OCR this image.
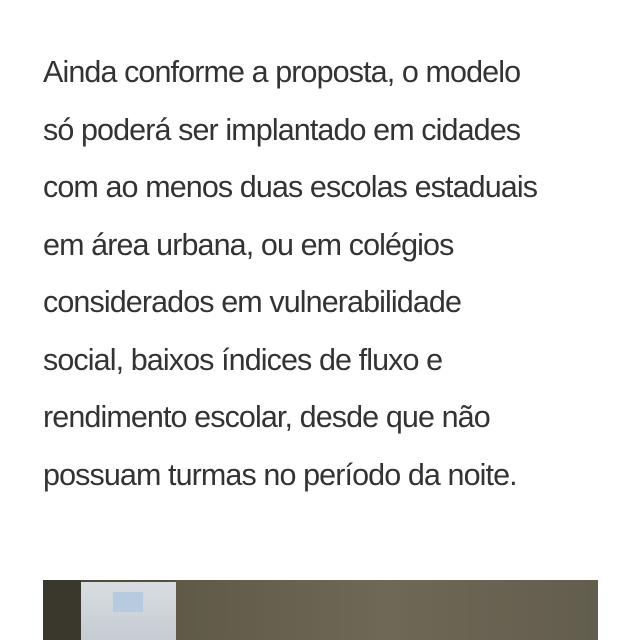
Ainda conforme a proposta, o modelo
só poderá ser implantado em cidades
com ao menos duas escolas estaduais
em área urbana, ou em colégios
considerados em vulnerabilidade
social, baixos índices de fluxo e
rendimento escolar, desde que não
possuam turmas no período da noite.
